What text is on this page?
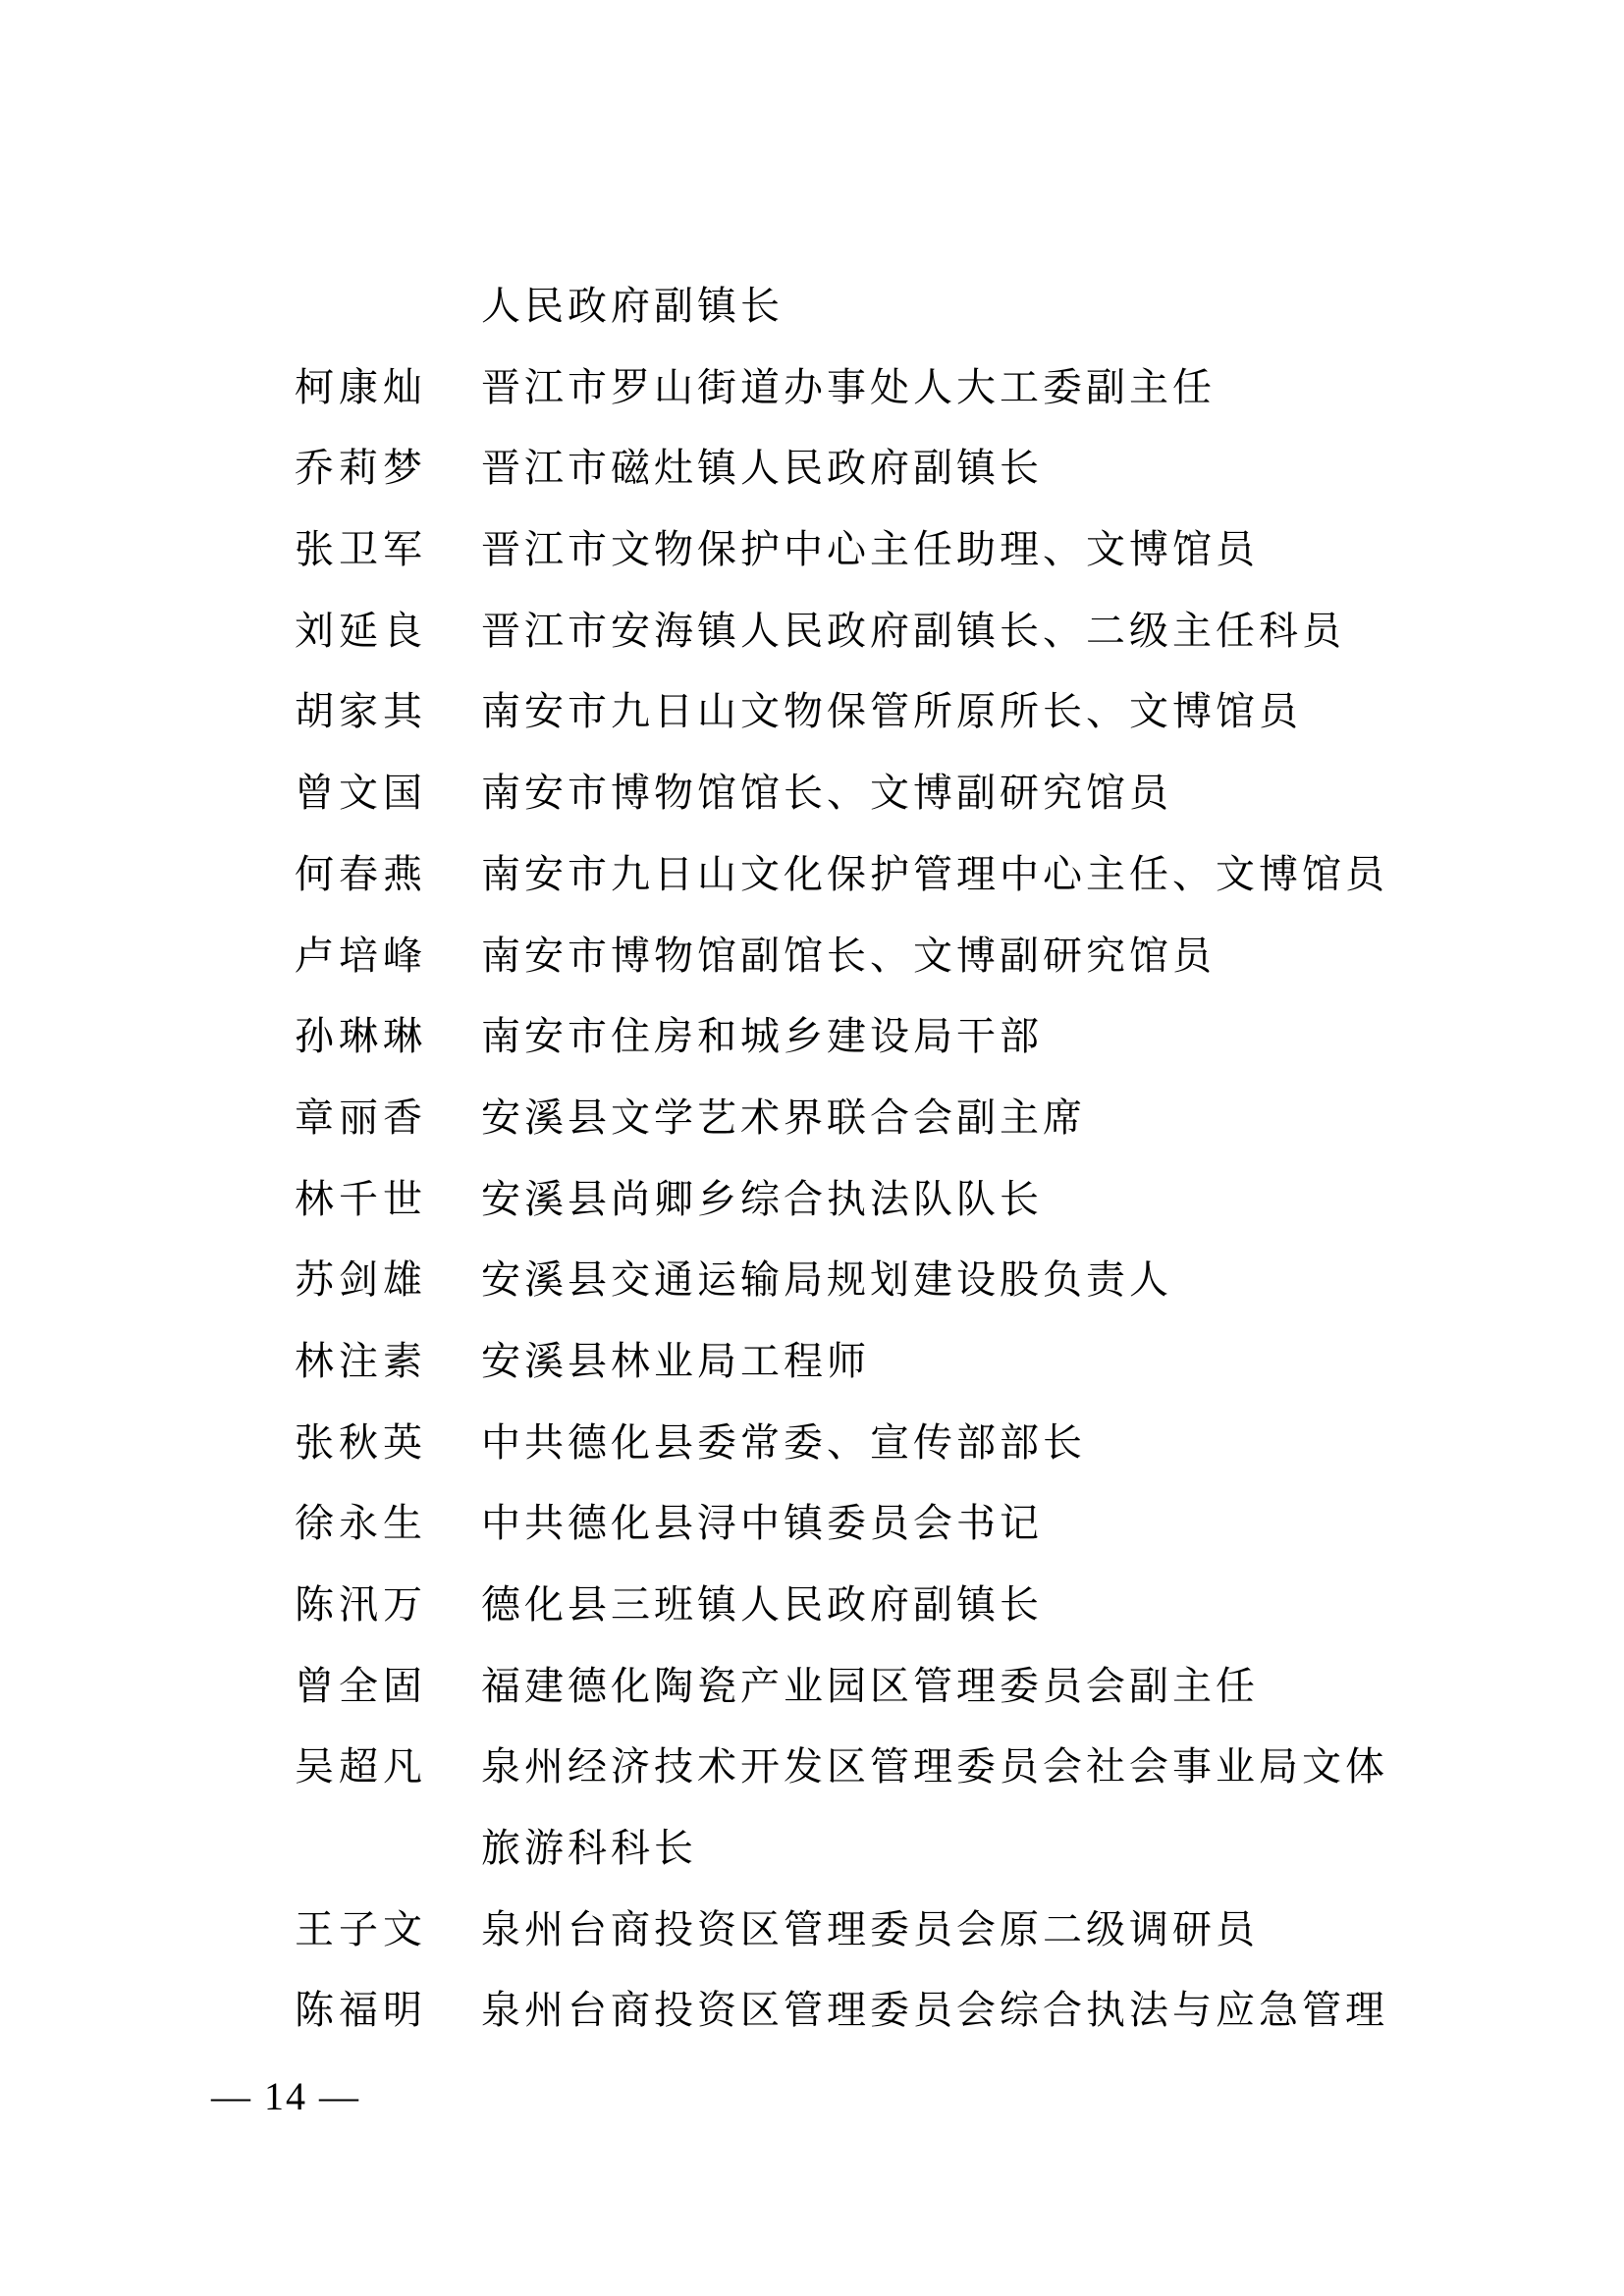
人民政府副镇长
柯康灿 晋江市罗山街道办事处人大工委副主任
乔莉梦 晋江市磁灶镇人民政府副镇长
张卫军 晋江市文物保护中心主任助理、文博馆员
刘延良 晋江市安海镇人民政府副镇长、二级主任科员
胡家其 南安市九日山文物保管所原所长、文博馆员
曾文国 南安市博物馆馆长、文博副研究馆员
何春燕 南安市九日山文化保护管理中心主任、文博馆员
卢培峰 南安市博物馆副馆长、文博副研究馆员
孙琳琳 南安市住房和城乡建设局干部
章丽香 安溪县文学艺术界联合会副主席
林千世 安溪县尚卿乡综合执法队队长
苏剑雄 安溪县交通运输局规划建设股负责人
林注素 安溪县林业局工程师
张秋英 中共德化县委常委、宣传部部长
徐永生 中共德化县浔中镇委员会书记
陈汛万 德化县三班镇人民政府副镇长
曾全固 福建德化陶瓷产业园区管理委员会副主任
吴超凡 泉州经济技术开发区管理委员会社会事业局文体
旅游科科长
王子文 泉州台商投资区管理委员会原二级调研员
陈福明 泉州台商投资区管理委员会综合执法与应急管理
— 14 —
